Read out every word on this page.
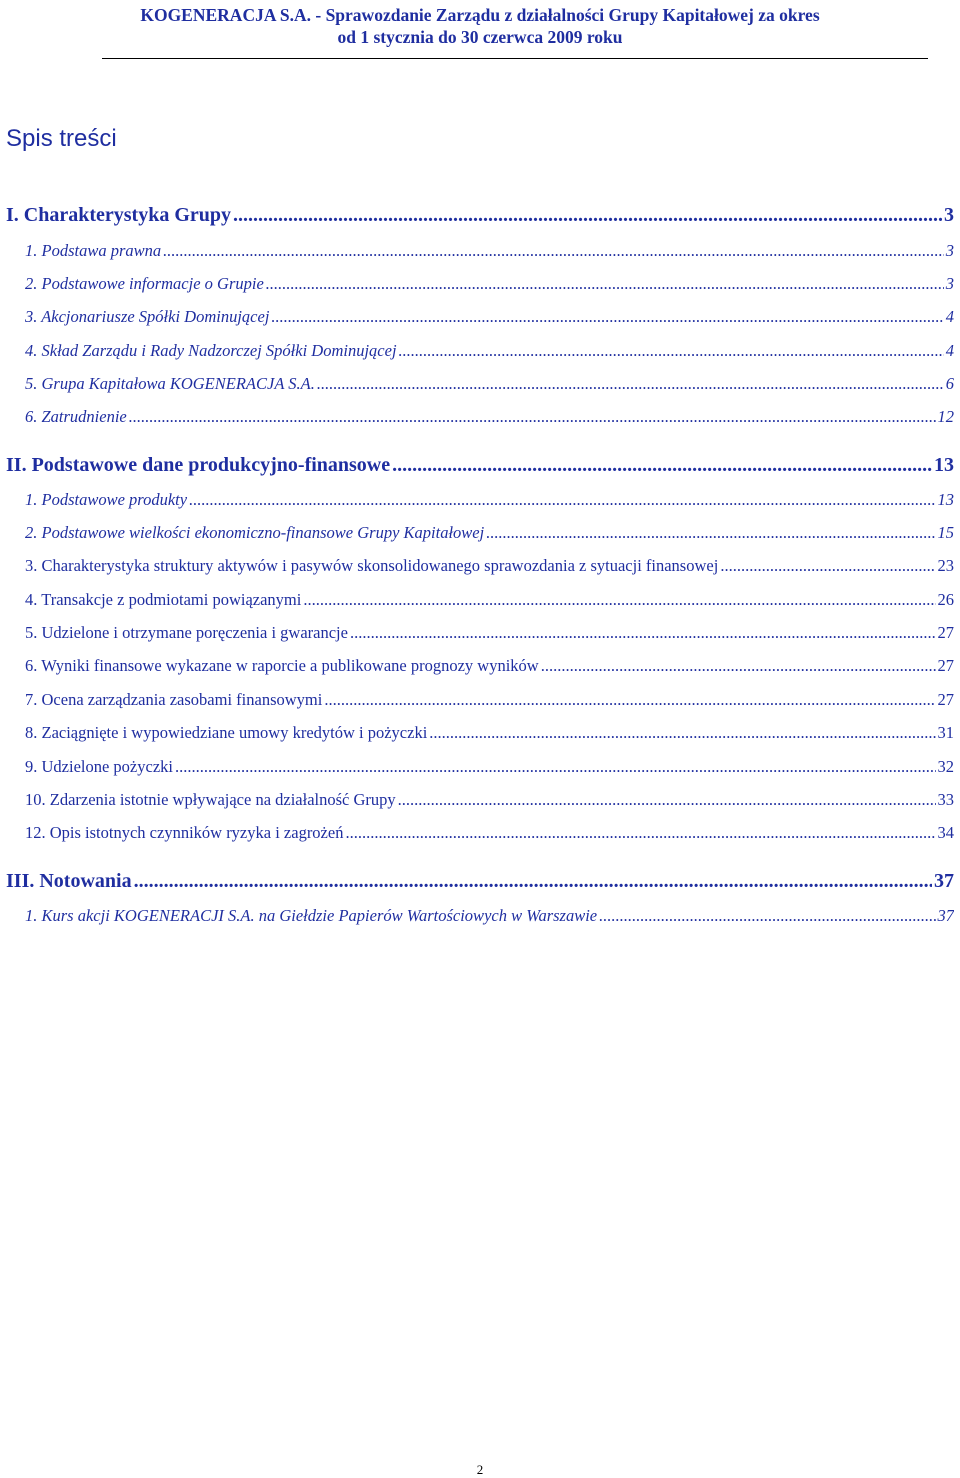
KOGENERACJA S.A. - Sprawozdanie Zarządu z działalności Grupy Kapitałowej za okres
od 1 stycznia do 30 czerwca 2009 roku
Spis treści
I. Charakterystyka Grupy .....	3
1. Podstawa prawna .....	3
2. Podstawowe informacje o Grupie .....	3
3. Akcjonariusze Spółki Dominującej .....	4
4. Skład Zarządu i Rady Nadzorczej Spółki Dominującej .....	4
5. Grupa Kapitałowa KOGENERACJA S.A. .....	6
6. Zatrudnienie .....	12
II. Podstawowe dane produkcyjno-finansowe .....	13
1. Podstawowe produkty .....	13
2. Podstawowe wielkości ekonomiczno-finansowe Grupy Kapitałowej .....	15
3. Charakterystyka struktury aktywów i pasywów skonsolidowanego sprawozdania z sytuacji finansowej .....	23
4. Transakcje z podmiotami powiązanymi .....	26
5. Udzielone i otrzymane poręczenia i gwarancje .....	27
6. Wyniki finansowe wykazane w raporcie a publikowane prognozy wyników .....	27
7. Ocena zarządzania zasobami finansowymi .....	27
8. Zaciągnięte i wypowiedziane umowy kredytów i pożyczki .....	31
9. Udzielone pożyczki .....	32
10. Zdarzenia istotnie wpływające na działalność Grupy .....	33
12. Opis istotnych czynników ryzyka i zagrożeń .....	34
III. Notowania .....	37
1. Kurs akcji KOGENERACJI S.A. na Giełdzie Papierów Wartościowych w Warszawie .....	37
2
